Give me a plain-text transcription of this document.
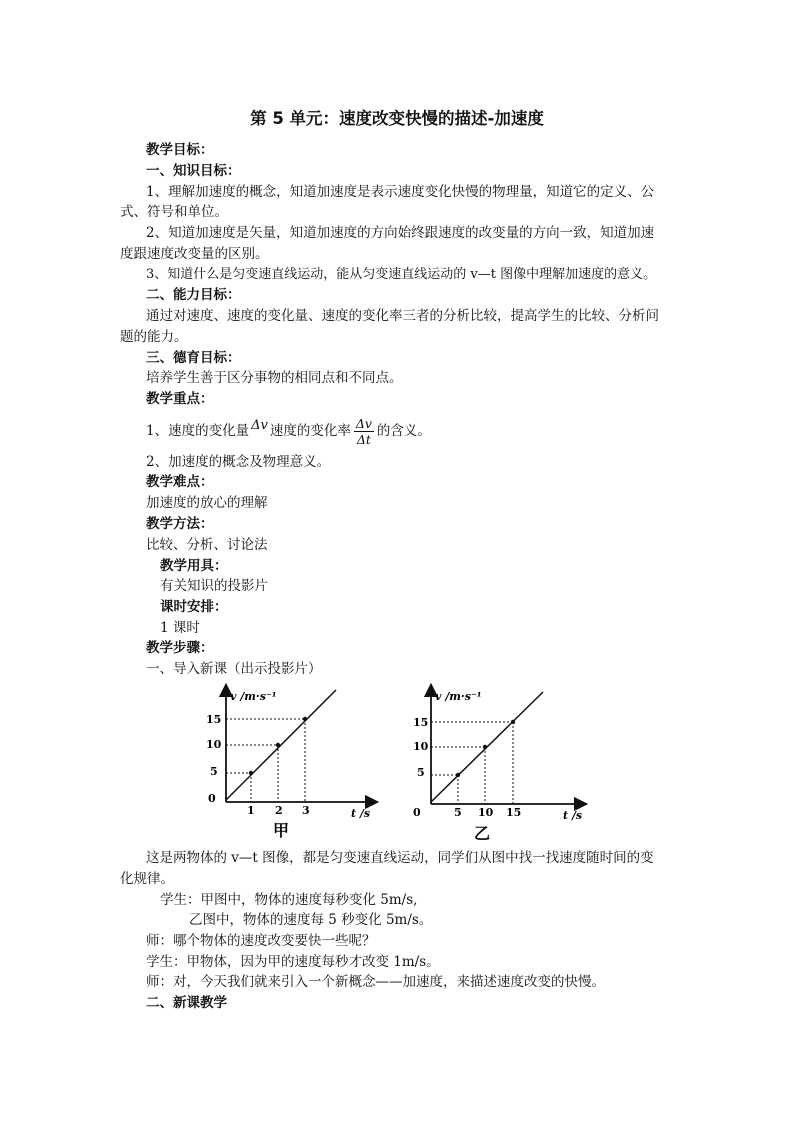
第 5 单元：速度改变快慢的描述-加速度
教学目标：
一、知识目标：
1、理解加速度的概念，知道加速度是表示速度变化快慢的物理量，知道它的定义、公
式、符号和单位。
2、知道加速度是矢量，知道加速度的方向始终跟速度的改变量的方向一致，知道加速
度跟速度改变量的区别。
3、知道什么是匀变速直线运动，能从匀变速直线运动的 v—t 图像中理解加速度的意义。
二、能力目标：
通过对速度、速度的变化量、速度的变化率三者的分析比较，提高学生的比较、分析问
题的能力。
三、德育目标：
培养学生善于区分事物的相同点和不同点。
教学重点：
1、速度的变化量 Δv 速度的变化率 $\frac{\Delta v}{\Delta t}$ 的含义。
2、加速度的概念及物理意义。
教学难点：
加速度的放心的理解
教学方法：
比较、分析、讨论法
教学用具：
有关知识的投影片
课时安排：
1 课时
教学步骤：
一、导入新课（出示投影片）
v /m·s⁻¹
t /s
15
10
5
0
1 2 3
甲
v /m·s⁻¹
t /s
15
10
5
0	5 10 15
乙
这是两物体的 v—t 图像，都是匀变速直线运动，同学们从图中找一找速度随时间的变
化规律。
学生：甲图中，物体的速度每秒变化 5m/s,
乙图中，物体的速度每 5 秒变化 5m/s。
师：哪个物体的速度改变要快一些呢？
学生：甲物体，因为甲的速度每秒才改变 1m/s。
师：对，今天我们就来引入一个新概念——加速度，来描述速度改变的快慢。
二、新课教学
